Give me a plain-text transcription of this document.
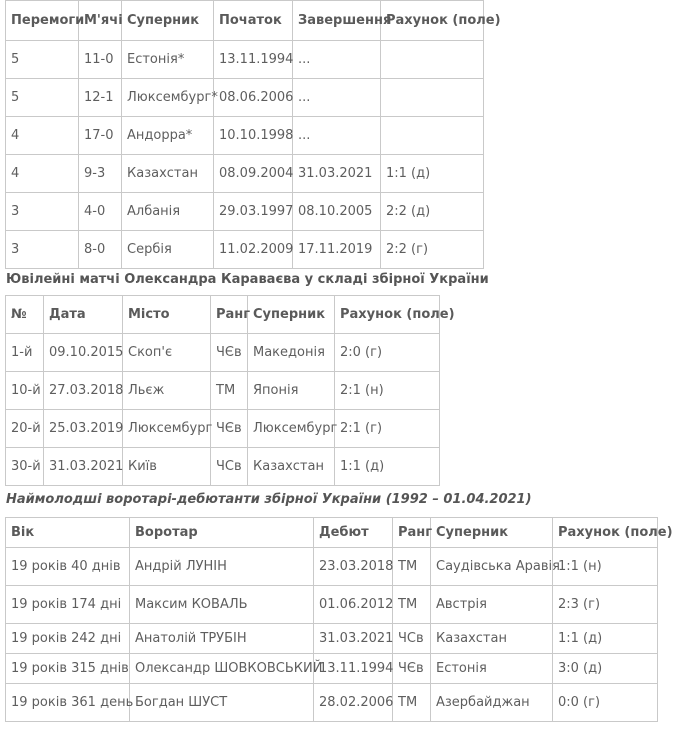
Перемоги	М'ячі	Суперник	Початок	Завершення	Рахунок (поле)
5	11-0	Естонія*	13.11.1994	...	
5	12-1	Люксембург*	08.06.2006	...	
4	17-0	Андорра*	10.10.1998	...	
4	9-3	Казахстан	08.09.2004	31.03.2021	1:1 (д)
3	4-0	Албанія	29.03.1997	08.10.2005	2:2 (д)
3	8-0	Сербія	11.02.2009	17.11.2019	2:2 (г)
Ювілейні матчі Олександра Караваєва у складі збірної України
№	Дата	Місто	Ранг	Суперник	Рахунок (поле)
1-й	09.10.2015	Скоп'є	ЧЄв	Македонія	2:0 (г)
10-й	27.03.2018	Льєж	ТМ	Японія	2:1 (н)
20-й	25.03.2019	Люксембург	ЧЄв	Люксембург	2:1 (г)
30-й	31.03.2021	Київ	ЧСв	Казахстан	1:1 (д)
Наймолодші воротарі-дебютанти збірної України (1992 – 01.04.2021)
Вік	Воротар	Дебют	Ранг	Суперник	Рахунок (поле)
19 років 40 днів	Андрій ЛУНІН	23.03.2018	ТМ	Саудівська Аравія	1:1 (н)
19 років 174 дні	Максим КОВАЛЬ	01.06.2012	ТМ	Австрія	2:3 (г)
19 років 242 дні	Анатолій ТРУБІН	31.03.2021	ЧСв	Казахстан	1:1 (д)
19 років 315 днів	Олександр ШОВКОВСЬКИЙ	13.11.1994	ЧЄв	Естонія	3:0 (д)
19 років 361 день	Богдан ШУСТ	28.02.2006	ТМ	Азербайджан	0:0 (г)
